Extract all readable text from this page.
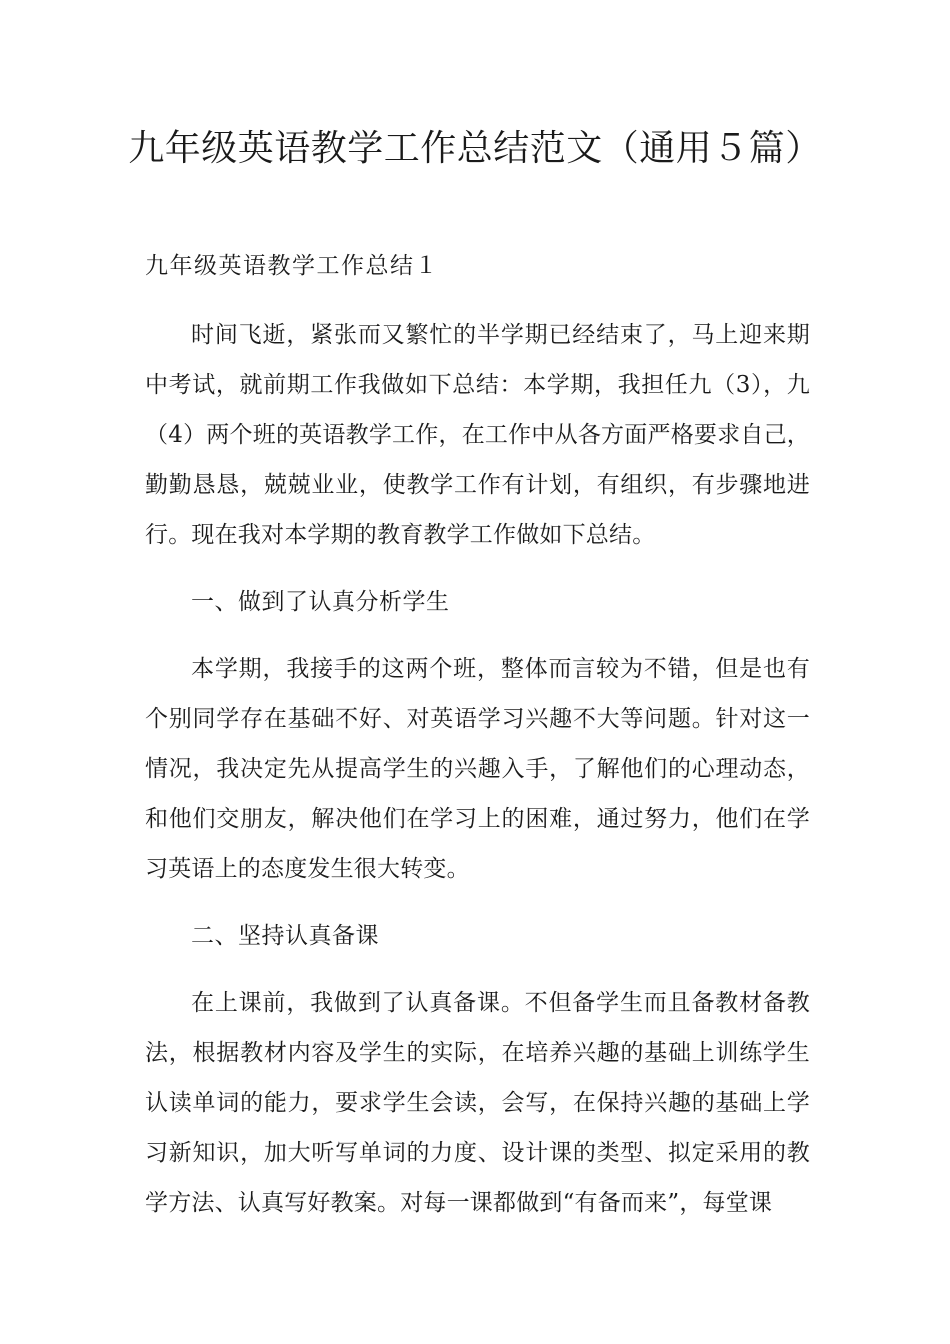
九年级英语教学工作总结范文（通用５篇）
九年级英语教学工作总结１

时间飞逝，紧张而又繁忙的半学期已经结束了，马上迎来期中考试，就前期工作我做如下总结：本学期，我担任九（3），九（4）两个班的英语教学工作，在工作中从各方面严格要求自己，勤勤恳恳，兢兢业业，使教学工作有计划，有组织，有步骤地进行。现在我对本学期的教育教学工作做如下总结。

一、做到了认真分析学生

本学期，我接手的这两个班，整体而言较为不错，但是也有个别同学存在基础不好、对英语学习兴趣不大等问题。针对这一情况，我决定先从提高学生的兴趣入手，了解他们的心理动态，和他们交朋友，解决他们在学习上的困难，通过努力，他们在学习英语上的态度发生很大转变。

二、坚持认真备课

在上课前，我做到了认真备课。不但备学生而且备教材备教法，根据教材内容及学生的实际，在培养兴趣的基础上训练学生认读单词的能力，要求学生会读，会写，在保持兴趣的基础上学习新知识，加大听写单词的力度、设计课的类型、拟定采用的教学方法、认真写好教案。对每一课都做到“有备而来”，每堂课
